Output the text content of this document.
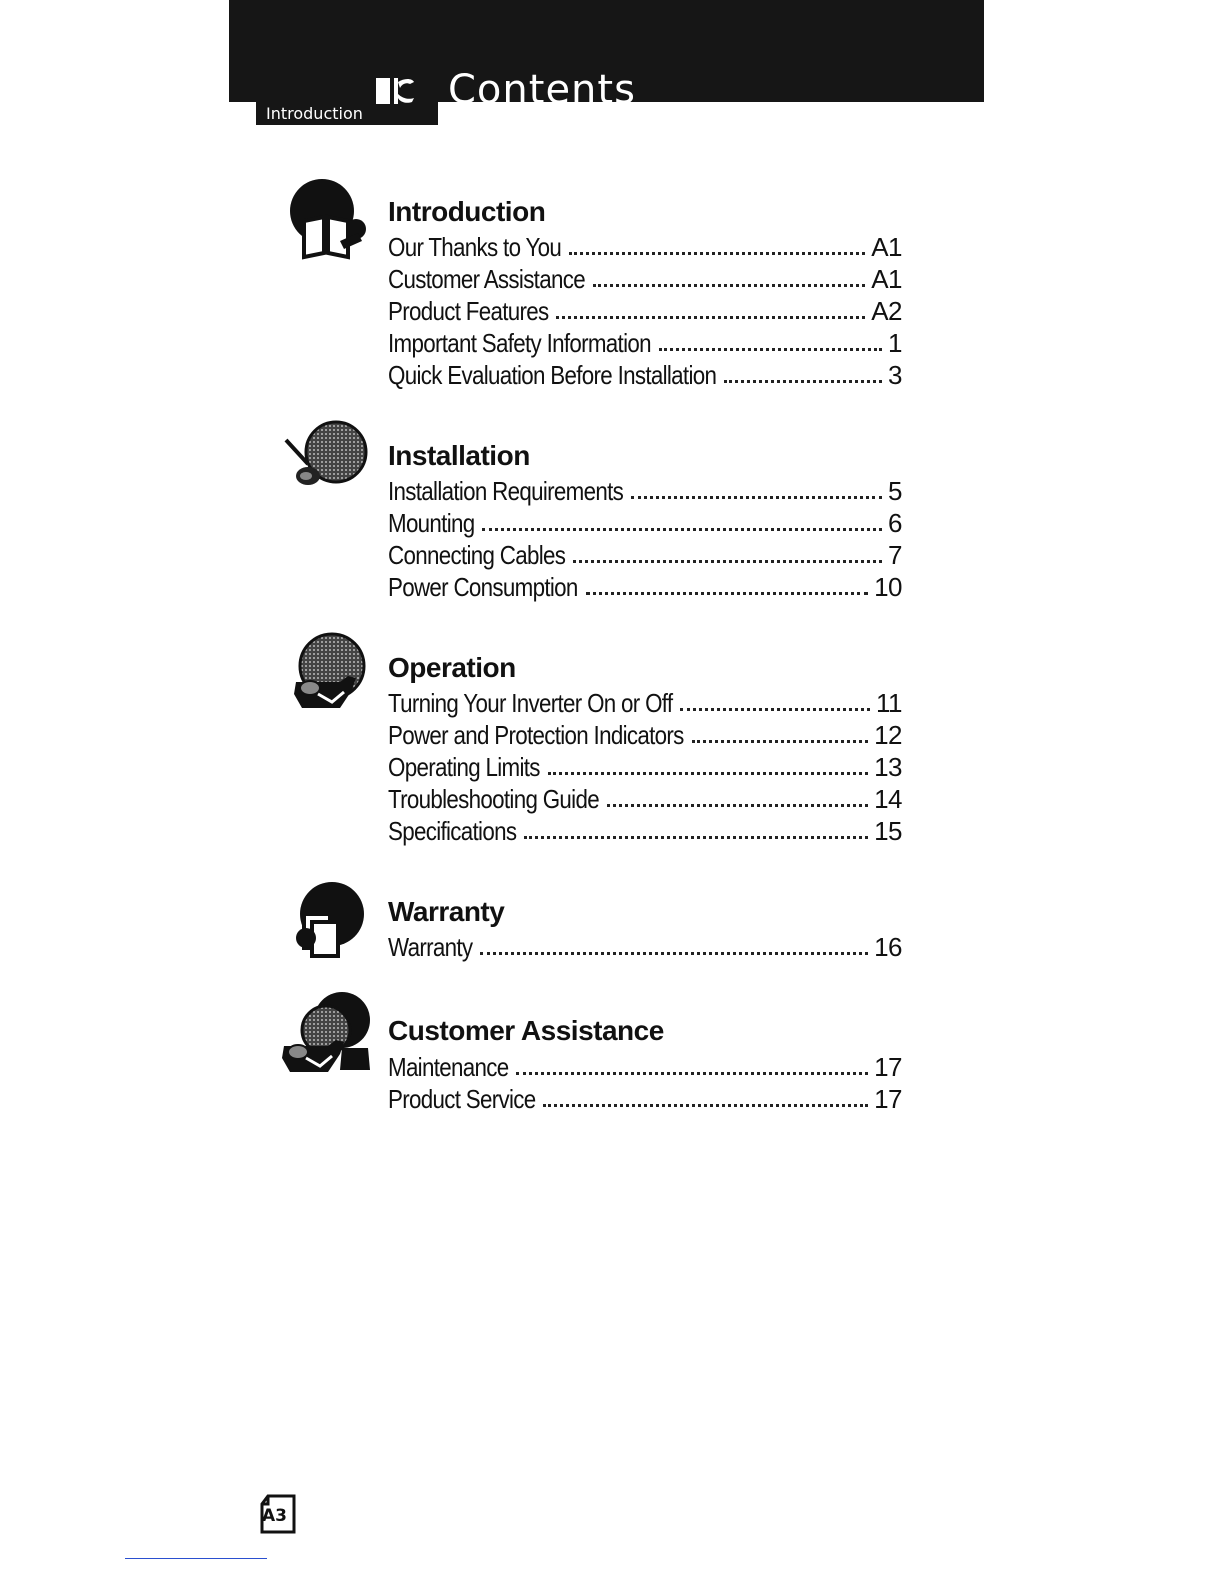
Introduction
Contents
Introduction
Our Thanks to You	A1
Customer Assistance	A1
Product Features	A2
Important Safety Information	1
Quick Evaluation Before Installation	3
Installation
Installation Requirements	5
Mounting	6
Connecting Cables	7
Power Consumption	10
Operation
Turning Your Inverter On or Off	11
Power and Protection Indicators	12
Operating Limits	13
Troubleshooting Guide	14
Specifications	15
Warranty
Warranty	16
Customer Assistance
Maintenance	17
Product Service	17
A3
